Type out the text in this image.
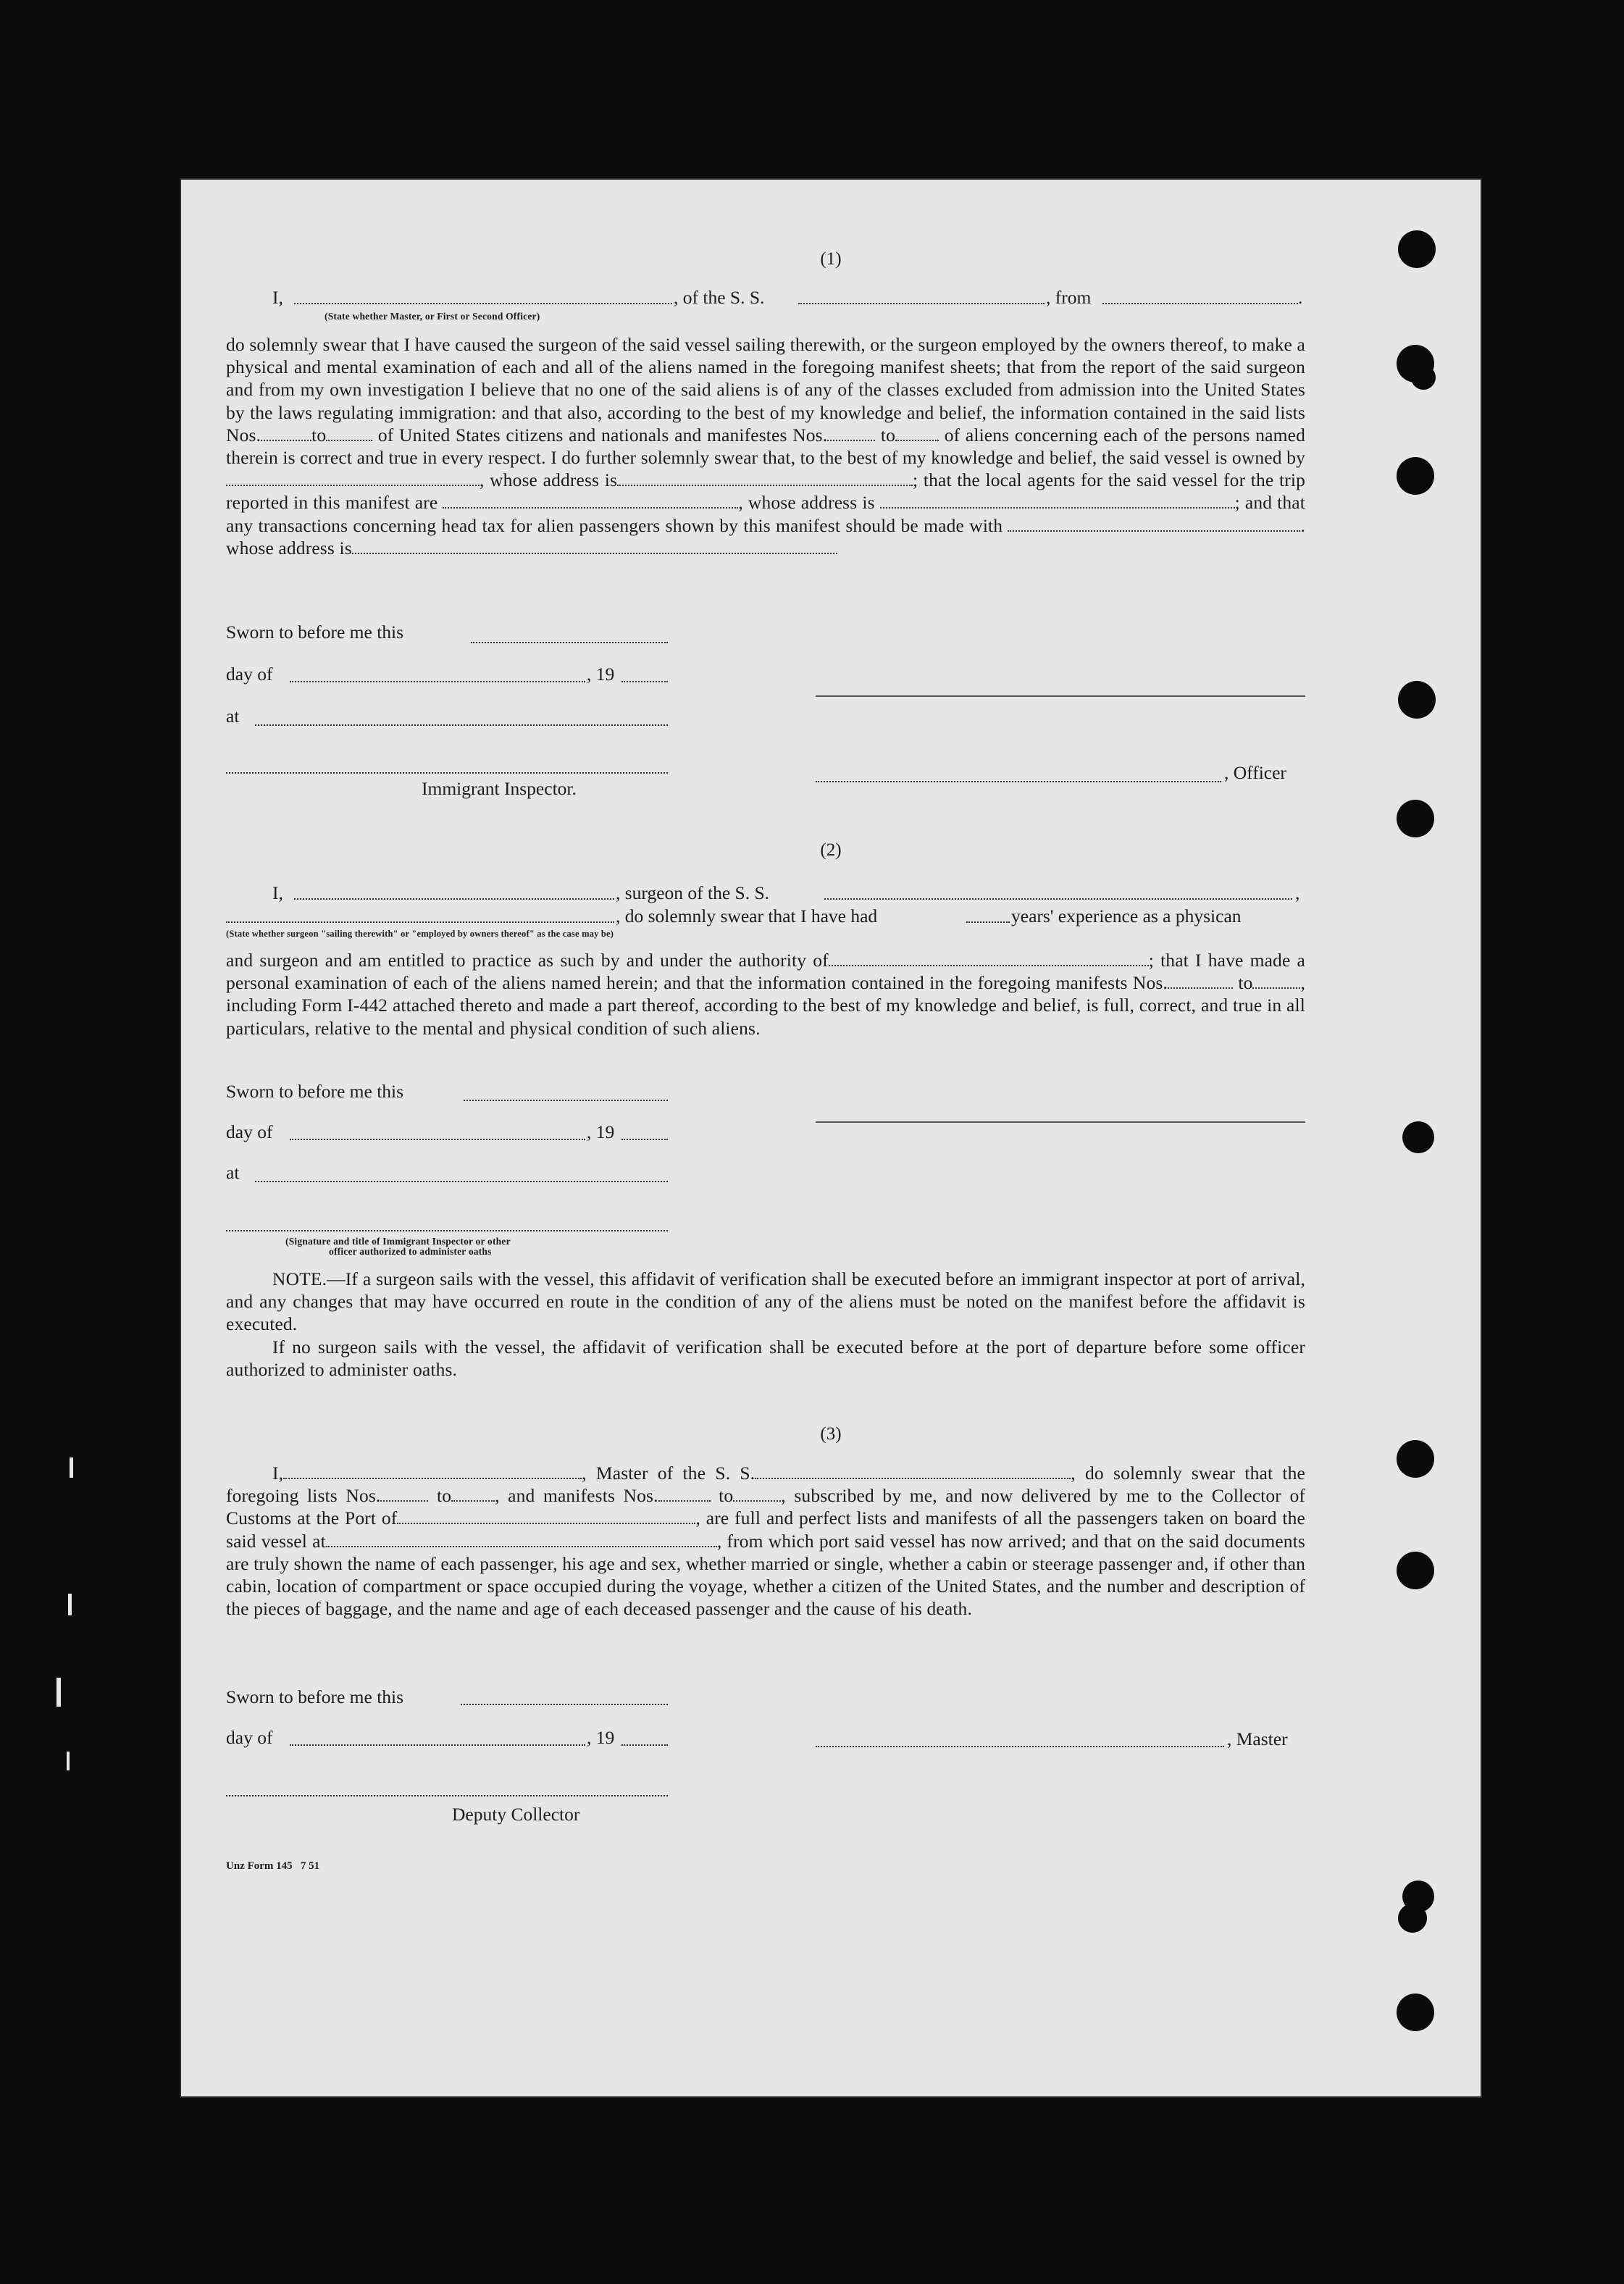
(1)
I,	, of the S. S.	, from	.
(State whether Master, or First or Second Officer)

do solemnly swear that I have caused the surgeon of the said vessel sailing therewith, or the surgeon employed by the owners thereof, to make a physical and mental examination of each and all of the aliens named in the foregoing manifest sheets; that from the report of the said surgeon and from my own investigation I believe that no one of the said aliens is of any of the classes excluded from admission into the United States by the laws regulating immigration: and that also, according to the best of my knowledge and belief, the information contained in the said lists Nos.	to	of United States citizens and nationals and manifestes Nos.	to	of aliens concerning each of the persons named therein is correct and true in every respect. I do further solemnly swear that, to the best of my knowledge and belief, the said vessel is owned by, whose address is	; that the local agents for the said vessel for the trip reported in this manifest are	, whose address is	; and that any transactions concerning head tax for alien passengers shown by this manifest should be made with	. whose address is

Sworn to before me this
day of	, 19
at
, Officer
Immigrant Inspector.
(2)
I,	, surgeon of the S. S.	,
, do solemnly swear that I have had	years' experience as a physican
(State whether surgeon "sailing therewith" or "employed by owners thereof" as the case may be)

and surgeon and am entitled to practice as such by and under the authority of	; that I have made a personal examination of each of the aliens named herein; and that the information contained in the foregoing manifests Nos.	to	, including Form I-442 attached thereto and made a part thereof, according to the best of my knowledge and belief, is full, correct, and true in all particulars, relative to the mental and physical condition of such aliens.

Sworn to before me this
day of	, 19
at
(Signature and title of Immigrant Inspector or other
officer authorized to administer oaths

NOTE.—If a surgeon sails with the vessel, this affidavit of verification shall be executed before an immigrant inspector at port of arrival, and any changes that may have occurred en route in the condition of any of the aliens must be noted on the manifest before the affidavit is executed.

If no surgeon sails with the vessel, the affidavit of verification shall be executed before at the port of departure before some officer authorized to administer oaths.

(3)

I,	, Master of the S. S.	, do solemnly swear that the foregoing lists Nos.	to , and manifests Nos.	to	, subscribed by me, and now delivered by me to the Collector of Customs at the Port of	, are full and perfect lists and manifests of all the passengers taken on board the said vessel at	, from which port said vessel has now arrived; and that on the said documents are truly shown the name of each passenger, his age and sex, whether married or single, whether a cabin or steerage passenger and, if other than cabin, location of compartment or space occupied during the voyage, whether a citizen of the United States, and the number and description of the pieces of baggage, and the name and age of each deceased passenger and the cause of his death.

Sworn to before me this
day of	, 19	, Master
Deputy Collector
Unz Form 145   7 51
